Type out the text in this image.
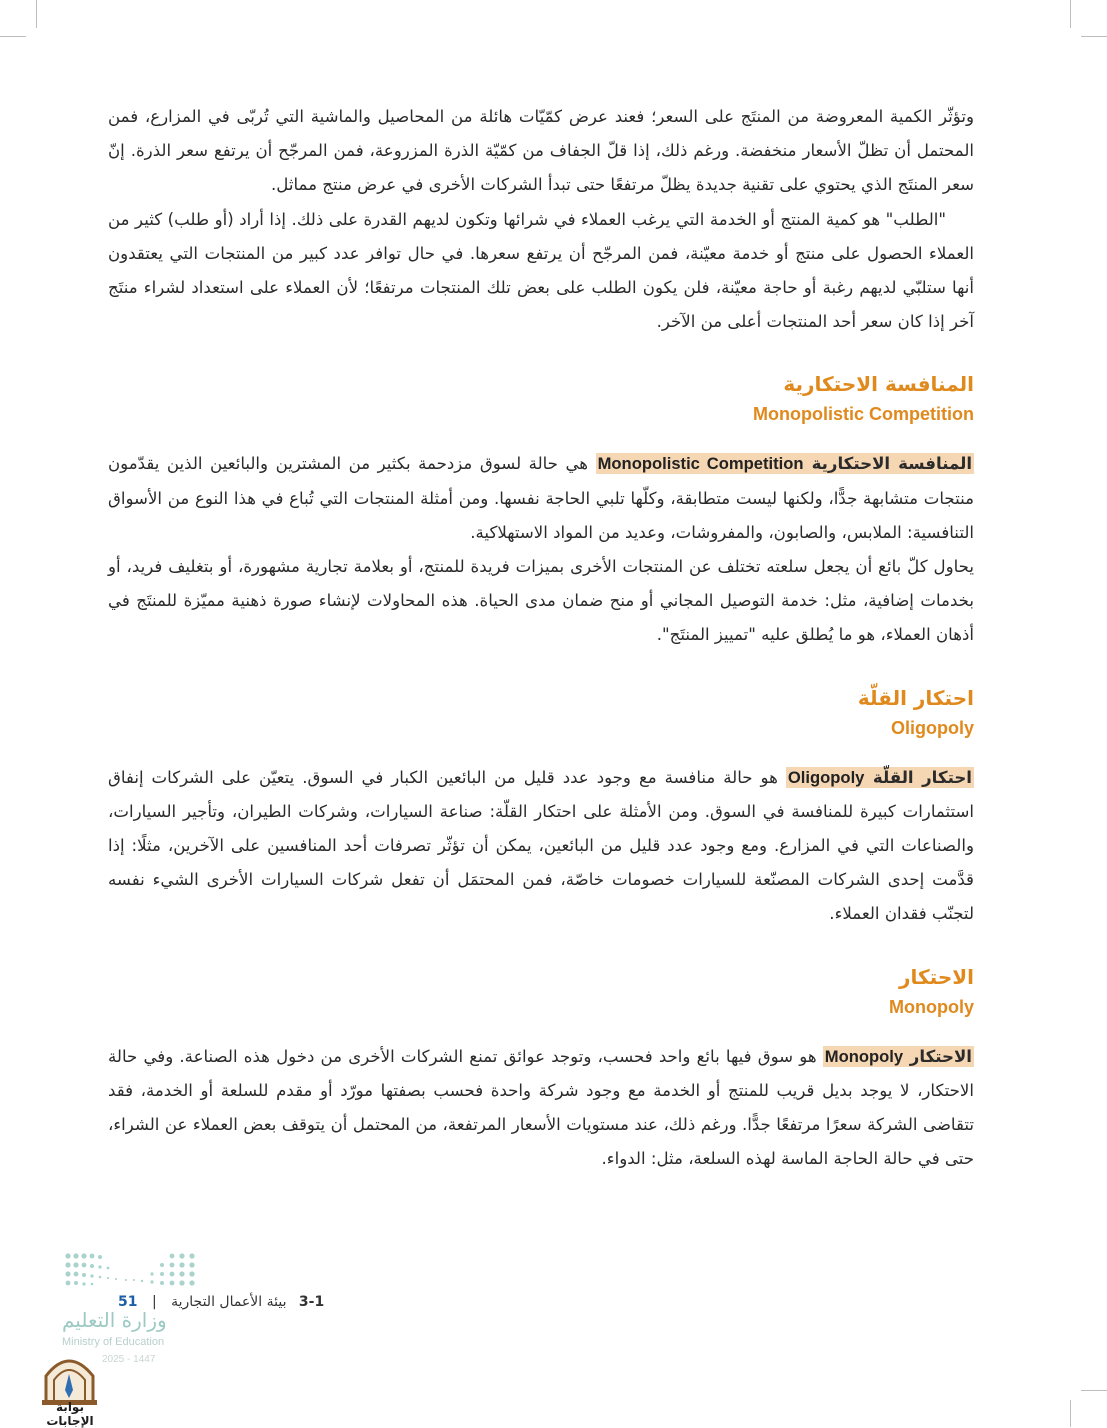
وتؤثّر الكمية المعروضة من المنتَج على السعر؛ فعند عرض كمّيّات هائلة من المحاصيل والماشية التي تُربّى في المزارع، فمن المحتمل أن تظلّ الأسعار منخفضة. ورغم ذلك، إذا قلّ الجفاف من كمّيّة الذرة المزروعة، فمن المرجّح أن يرتفع سعر الذرة. إنّ سعر المنتَج الذي يحتوي على تقنية جديدة يظلّ مرتفعًا حتى تبدأ الشركات الأخرى في عرض منتج مماثل.

"الطلب" هو كمية المنتج أو الخدمة التي يرغب العملاء في شرائها وتكون لديهم القدرة على ذلك. إذا أراد (أو طلب) كثير من العملاء الحصول على منتج أو خدمة معيّنة، فمن المرجّح أن يرتفع سعرها. في حال توافر عدد كبير من المنتجات التي يعتقدون أنها ستلبّي لديهم رغبة أو حاجة معيّنة، فلن يكون الطلب على بعض تلك المنتجات مرتفعًا؛ لأن العملاء على استعداد لشراء منتَج آخر إذا كان سعر أحد المنتجات أعلى من الآخر.

المنافسة الاحتكارية
Monopolistic Competition

المنافسة الاحتكارية Monopolistic Competition هي حالة لسوق مزدحمة بكثير من المشترين والبائعين الذين يقدّمون منتجات متشابهة جدًّا، ولكنها ليست متطابقة، وكلّها تلبي الحاجة نفسها. ومن أمثلة المنتجات التي تُباع في هذا النوع من الأسواق التنافسية: الملابس، والصابون، والمفروشات، وعديد من المواد الاستهلاكية.

يحاول كلّ بائع أن يجعل سلعته تختلف عن المنتجات الأخرى بميزات فريدة للمنتج، أو بعلامة تجارية مشهورة، أو بتغليف فريد، أو بخدمات إضافية، مثل: خدمة التوصيل المجاني أو منح ضمان مدى الحياة. هذه المحاولات لإنشاء صورة ذهنية مميّزة للمنتَج في أذهان العملاء، هو ما يُطلق عليه "تمييز المنتَج".

احتكار القلّة
Oligopoly

احتكار القلّة Oligopoly هو حالة منافسة مع وجود عدد قليل من البائعين الكبار في السوق. يتعيّن على الشركات إنفاق استثمارات كبيرة للمنافسة في السوق. ومن الأمثلة على احتكار القلّة: صناعة السيارات، وشركات الطيران، وتأجير السيارات، والصناعات التي في المزارع. ومع وجود عدد قليل من البائعين، يمكن أن تؤثّر تصرفات أحد المنافسين على الآخرين، مثلًا: إذا قدَّمت إحدى الشركات المصنّعة للسيارات خصومات خاصّة، فمن المحتمَل أن تفعل شركات السيارات الأخرى الشيء نفسه لتجنّب فقدان العملاء.

الاحتكار
Monopoly

الاحتكار Monopoly هو سوق فيها بائع واحد فحسب، وتوجد عوائق تمنع الشركات الأخرى من دخول هذه الصناعة. وفي حالة الاحتكار، لا يوجد بديل قريب للمنتج أو الخدمة مع وجود شركة واحدة فحسب بصفتها مورّد أو مقدم للسلعة أو الخدمة، فقد تتقاضى الشركة سعرًا مرتفعًا جدًّا. ورغم ذلك، عند مستويات الأسعار المرتفعة، من المحتمل أن يتوقف بعض العملاء عن الشراء، حتى في حالة الحاجة الماسة لهذه السلعة، مثل: الدواء.

3-1 بيئة الأعمال التجارية | 51
وزارة التعليم
Ministry of Education
2025 - 1447
بوابة الإجابات
